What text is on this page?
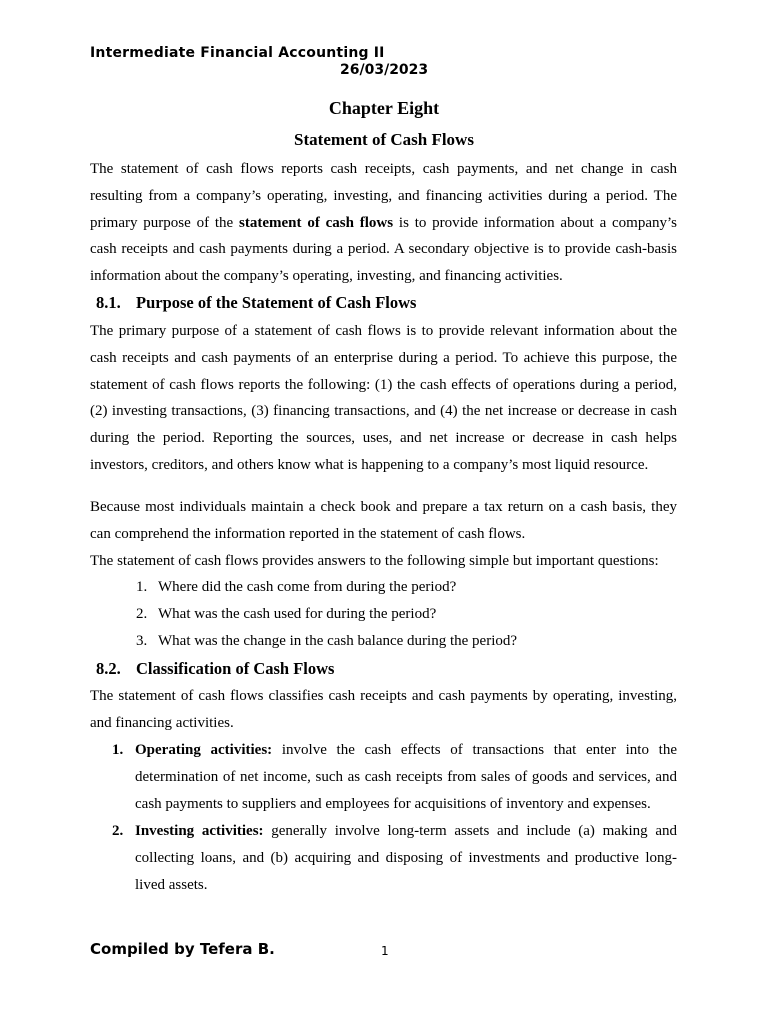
Intermediate Financial Accounting II
26/03/2023
Chapter Eight
Statement of Cash Flows
The statement of cash flows reports cash receipts, cash payments, and net change in cash resulting from a company’s operating, investing, and financing activities during a period. The primary purpose of the statement of cash flows is to provide information about a company’s cash receipts and cash payments during a period. A secondary objective is to provide cash-basis information about the company’s operating, investing, and financing activities.
8.1. Purpose of the Statement of Cash Flows
The primary purpose of a statement of cash flows is to provide relevant information about the cash receipts and cash payments of an enterprise during a period. To achieve this purpose, the statement of cash flows reports the following: (1) the cash effects of operations during a period, (2) investing transactions, (3) financing transactions, and (4) the net increase or decrease in cash during the period. Reporting the sources, uses, and net increase or decrease in cash helps investors, creditors, and others know what is happening to a company’s most liquid resource.
Because most individuals maintain a check book and prepare a tax return on a cash basis, they can comprehend the information reported in the statement of cash flows.
The statement of cash flows provides answers to the following simple but important questions:
1. Where did the cash come from during the period?
2. What was the cash used for during the period?
3. What was the change in the cash balance during the period?
8.2. Classification of Cash Flows
The statement of cash flows classifies cash receipts and cash payments by operating, investing, and financing activities.
1. Operating activities: involve the cash effects of transactions that enter into the determination of net income, such as cash receipts from sales of goods and services, and cash payments to suppliers and employees for acquisitions of inventory and expenses.
2. Investing activities: generally involve long-term assets and include (a) making and collecting loans, and (b) acquiring and disposing of investments and productive long-lived assets.
Compiled by Tefera B.	1
